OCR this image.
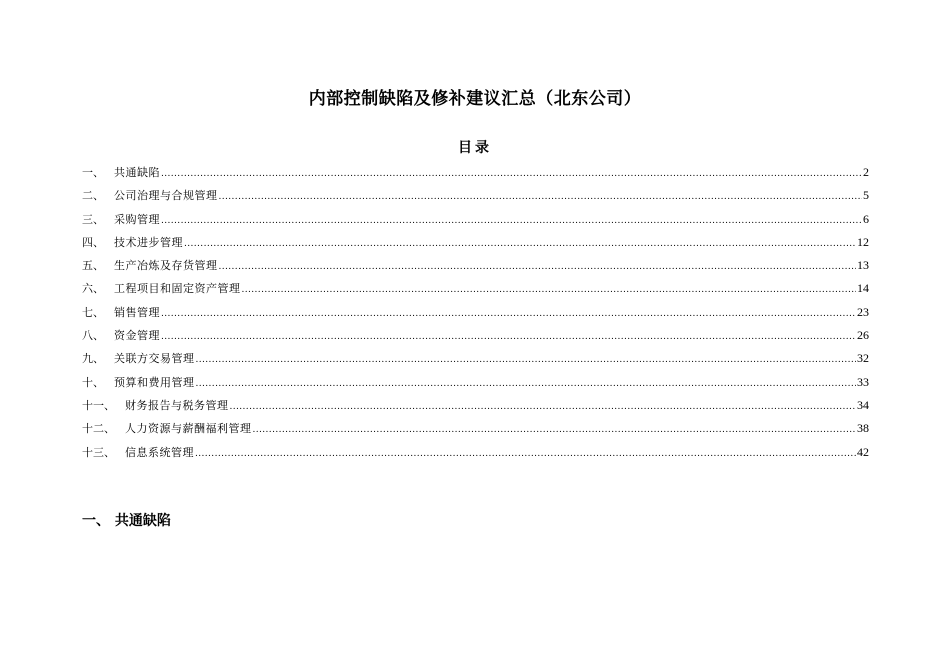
内部控制缺陷及修补建议汇总（北东公司）
目录
一、 共通缺陷 .....	2
二、 公司治理与合规管理 .....	5
三、 采购管理 .....	6
四、 技术进步管理 .....	12
五、 生产冶炼及存货管理 .....	13
六、 工程项目和固定资产管理 .....	14
七、 销售管理 .....	23
八、 资金管理 .....	26
九、 关联方交易管理 .....	32
十、 预算和费用管理 .....	33
十一、 财务报告与税务管理 .....	34
十二、 人力资源与薪酬福利管理 .....	38
十三、 信息系统管理 .....	42
一、 共通缺陷
